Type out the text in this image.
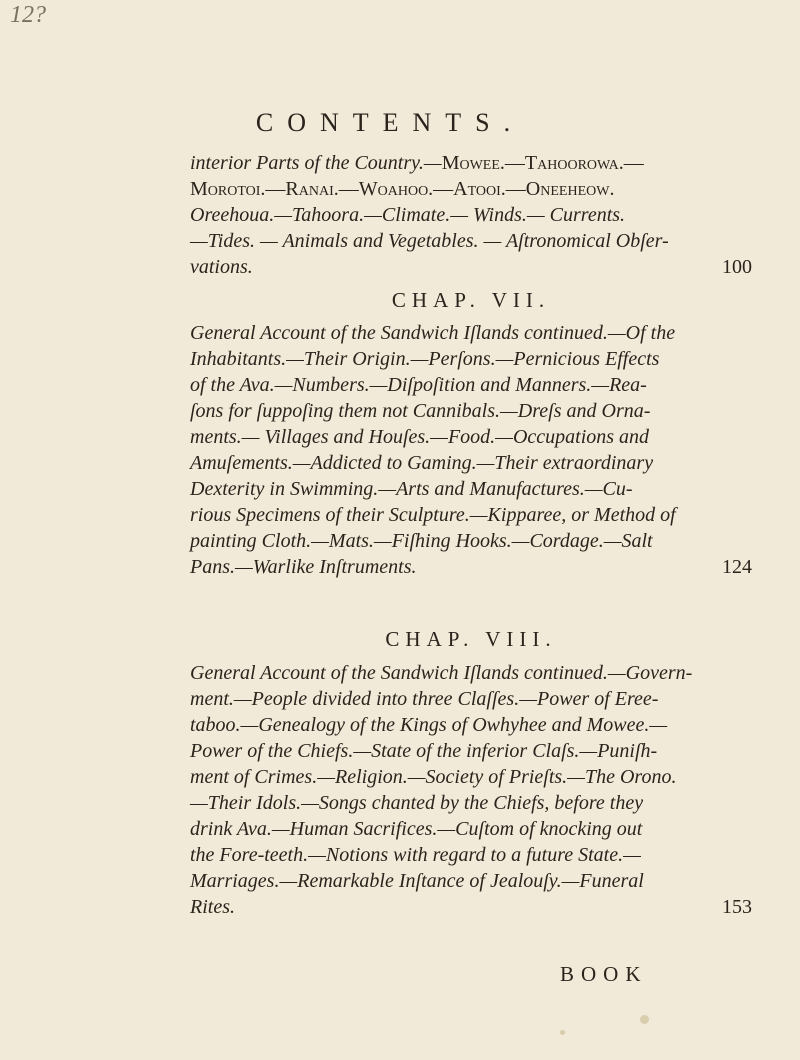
12?
CONTENTS.
interior Parts of the Country.—Mowee.—Tahoorowa.—
Morotoi.—Ranai.—Woahoo.—Atooi.—Oneeheow.
Oreehoua.—Tahoora.—Climate.— Winds.— Currents.
—Tides. — Animals and Vegetables. — Aſtronomical Obſer-
vations.	100
CHAP. VII.
General Account of the Sandwich Iſlands continued.—Of the
Inhabitants.—Their Origin.—Perſons.—Pernicious Effects
of the Ava.—Numbers.—Diſpoſition and Manners.—Rea-
ſons for ſuppoſing them not Cannibals.—Dreſs and Orna-
ments.— Villages and Houſes.—Food.—Occupations and
Amuſements.—Addicted to Gaming.—Their extraordinary
Dexterity in Swimming.—Arts and Manufactures.—Cu-
rious Specimens of their Sculpture.—Kipparee, or Method of
painting Cloth.—Mats.—Fiſhing Hooks.—Cordage.—Salt
Pans.—Warlike Inſtruments.	124
CHAP. VIII.
General Account of the Sandwich Iſlands continued.—Govern-
ment.—People divided into three Claſſes.—Power of Eree-
taboo.—Genealogy of the Kings of Owhyhee and Mowee.—
Power of the Chiefs.—State of the inferior Claſs.—Puniſh-
ment of Crimes.—Religion.—Society of Prieſts.—The Orono.
—Their Idols.—Songs chanted by the Chiefs, before they
drink Ava.—Human Sacrifices.—Cuſtom of knocking out
the Fore-teeth.—Notions with regard to a future State.—
Marriages.—Remarkable Inſtance of Jealouſy.—Funeral
Rites.	153
BOOK
